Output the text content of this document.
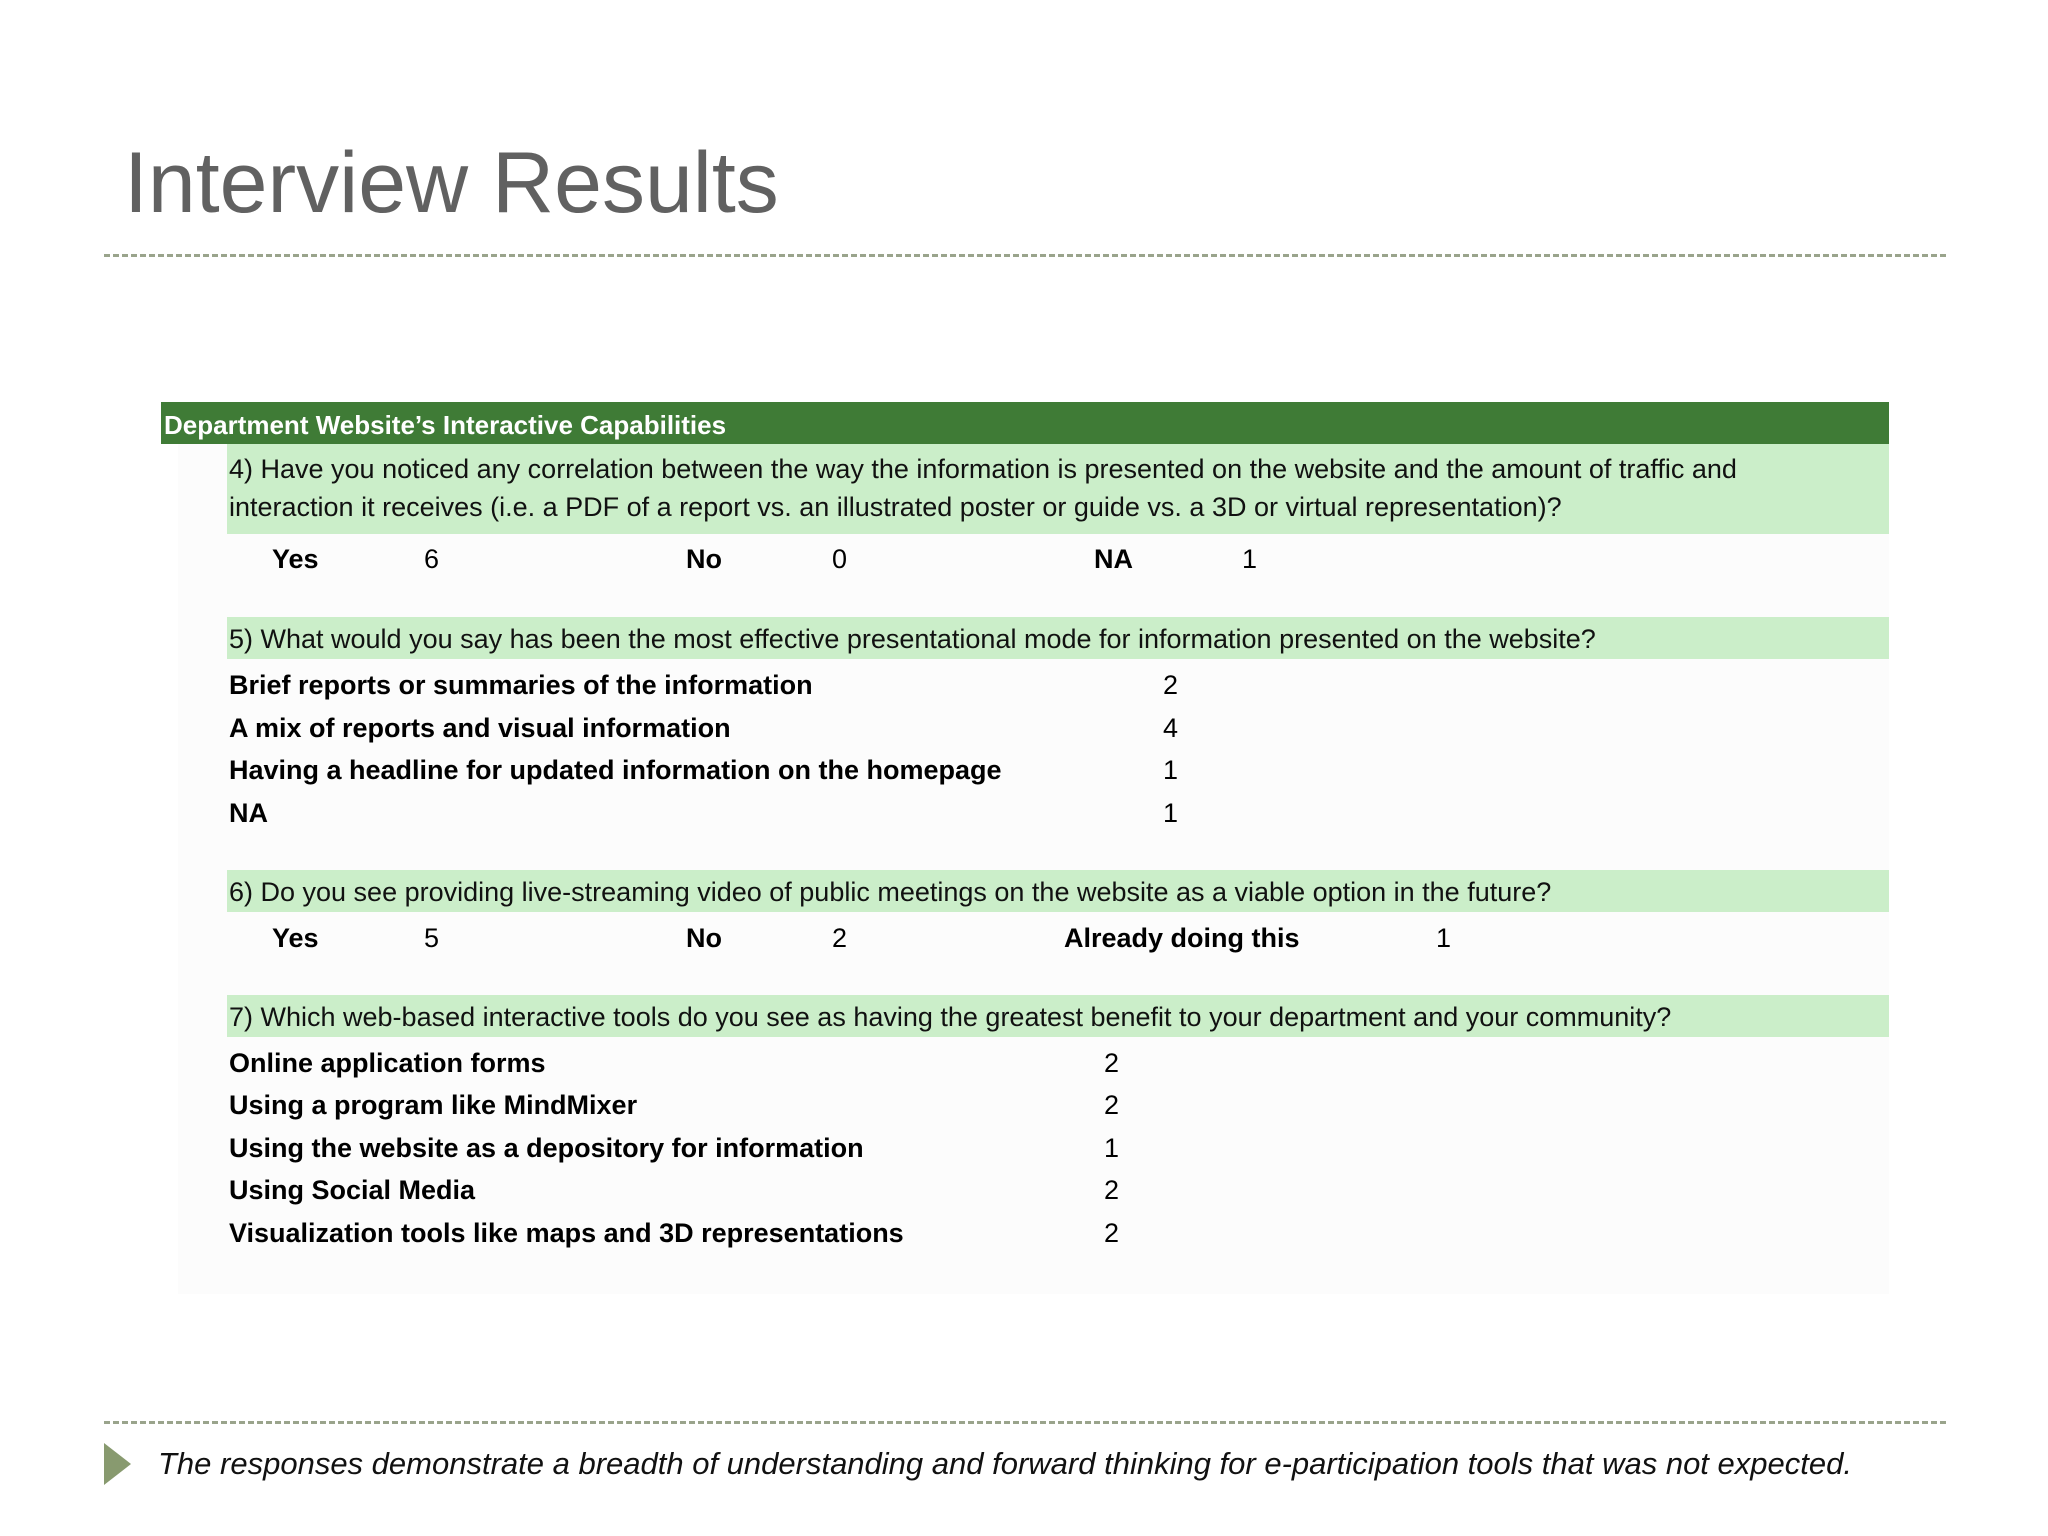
Interview Results
Department Website’s Interactive Capabilities
4) Have you noticed any correlation between the way the information is presented on the website and the amount of traffic and
interaction it receives (i.e. a PDF of a report vs. an illustrated poster or guide vs. a 3D or virtual representation)?
Yes	6	No	0	NA	1
5) What would you say has been the most effective presentational mode for information presented on the website?
Brief reports or summaries of the information	2
A mix of reports and visual information	4
Having a headline for updated information on the homepage	1
NA	1
6) Do you see providing live-streaming video of public meetings on the website as a viable option in the future?
Yes	5	No	2	Already doing this	1
7) Which web-based interactive tools do you see as having the greatest benefit to your department and your community?
Online application forms	2
Using a program like MindMixer	2
Using the website as a depository for information	1
Using Social Media	2
Visualization tools like maps and 3D representations	2
The responses demonstrate a breadth of understanding and forward thinking for e-participation tools that was not expected.
